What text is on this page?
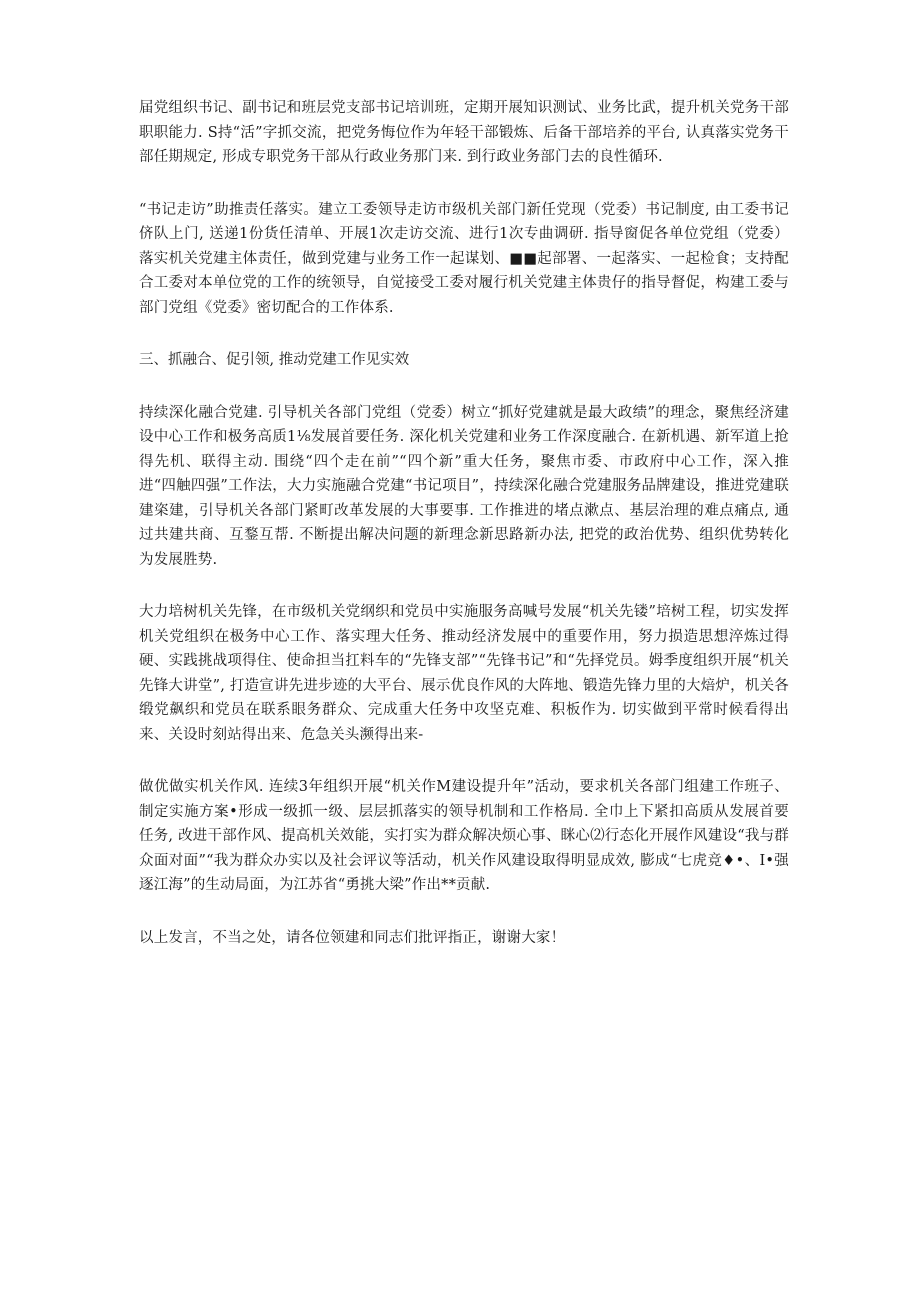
届党组织书记、副书记和班层党支部书记培训班，定期开展知识测试、业务比武，提升机关党务干部职职能力. S持“活”字抓交流，把党务悔位作为年轻干部锻炼、后备干部培养的平台, 认真落实党务干部任期规定, 形成专职党务干部从行政业务那门来. 到行政业务部门去的良性循环.

“书记走访”助推责任落实。建立工委领导走访市级机关部门新任党现（党委）书记制度, 由工委书记侪队上门, 送递1份货任清单、开展1次走访交流、进行1次专曲调研. 指导窗促各单位党组（党委）落实机关党建主体责任，做到党建与业务工作一起谋划、■■起部署、一起落实、一起检食；支持配合工委对本单位党的工作的统领导，自觉接受工委对履行机关党建主体贵仔的指导督促，构建工委与部门党组《党委》密切配合的工作体系.

三、抓融合、促引领, 推动党建工作见实效

持续深化融合党建. 引导机关各部门党组（党委）树立“抓好党建就是最大政绩”的理念，聚焦经济建设中心工作和极务高质1⅛发展首要任务. 深化机关党建和业务工作深度融合. 在新机遇、新军道上抢得先机、联得主动. 围绕“四个走在前”“四个新”重大任务，聚焦市委、市政府中心工作，深入推进“四触四强”工作法，大力实施融合党建“书记项目”，持续深化融合党建服务品牌建设，推进党建联建栥建，引导机关各部门紧町改革发展的大事要事. 工作推进的堵点漱点、基层治理的难点痛点, 通过共建共商、互鍪互帮. 不断提出解决问题的新理念新思路新办法, 把党的政治优势、组织优势转化为发展胜势.

大力培树机关先锋，在市级机关党纲织和党员中实施服务高喊号发展“机关先镂”培树工程，切实发挥机关党组织在极务中心工作、落实理大任务、推动经济发展中的重要作用，努力损造思想淬炼过得硬、实践挑战项得住、使命担当扛料车的“先锋支部”“先锋书记”和“先择党员。姆季度组织开展“机关先锋大讲堂”, 打造宣讲先进步迹的大平台、展示优良作风的大阵地、锻造先锋力里的大焙炉，机关各缎党飙织和党员在联系眼务群众、完成重大任务中攻坚克难、积板作为. 切实做到平常时候看得出来、关设时刻站得出来、危急关头濒得出来-

做优做实机关作风. 连续3年组织开展“机关作M建设提升年”活动，要求机关各部门组建工作班子、制定实施方案•形成一级抓一级、层层抓落实的领导机制和工作格局. 全巾上下紧扣高质从发展首要任务, 改进干部作风、提高机关效能，实打实为群众解决烦心事、眯心⑵行态化开展作风建设“我与群众面对面”“我为群众办实以及社会评议等活动，机关作风建设取得明显成效, 膨成“七虎竞♦•、I•强逐江海”的生动局面，为江苏省“勇挑大梁”作出**贡献.

以上发言，不当之处，请各位领建和同志们批评指正，谢谢大家！
